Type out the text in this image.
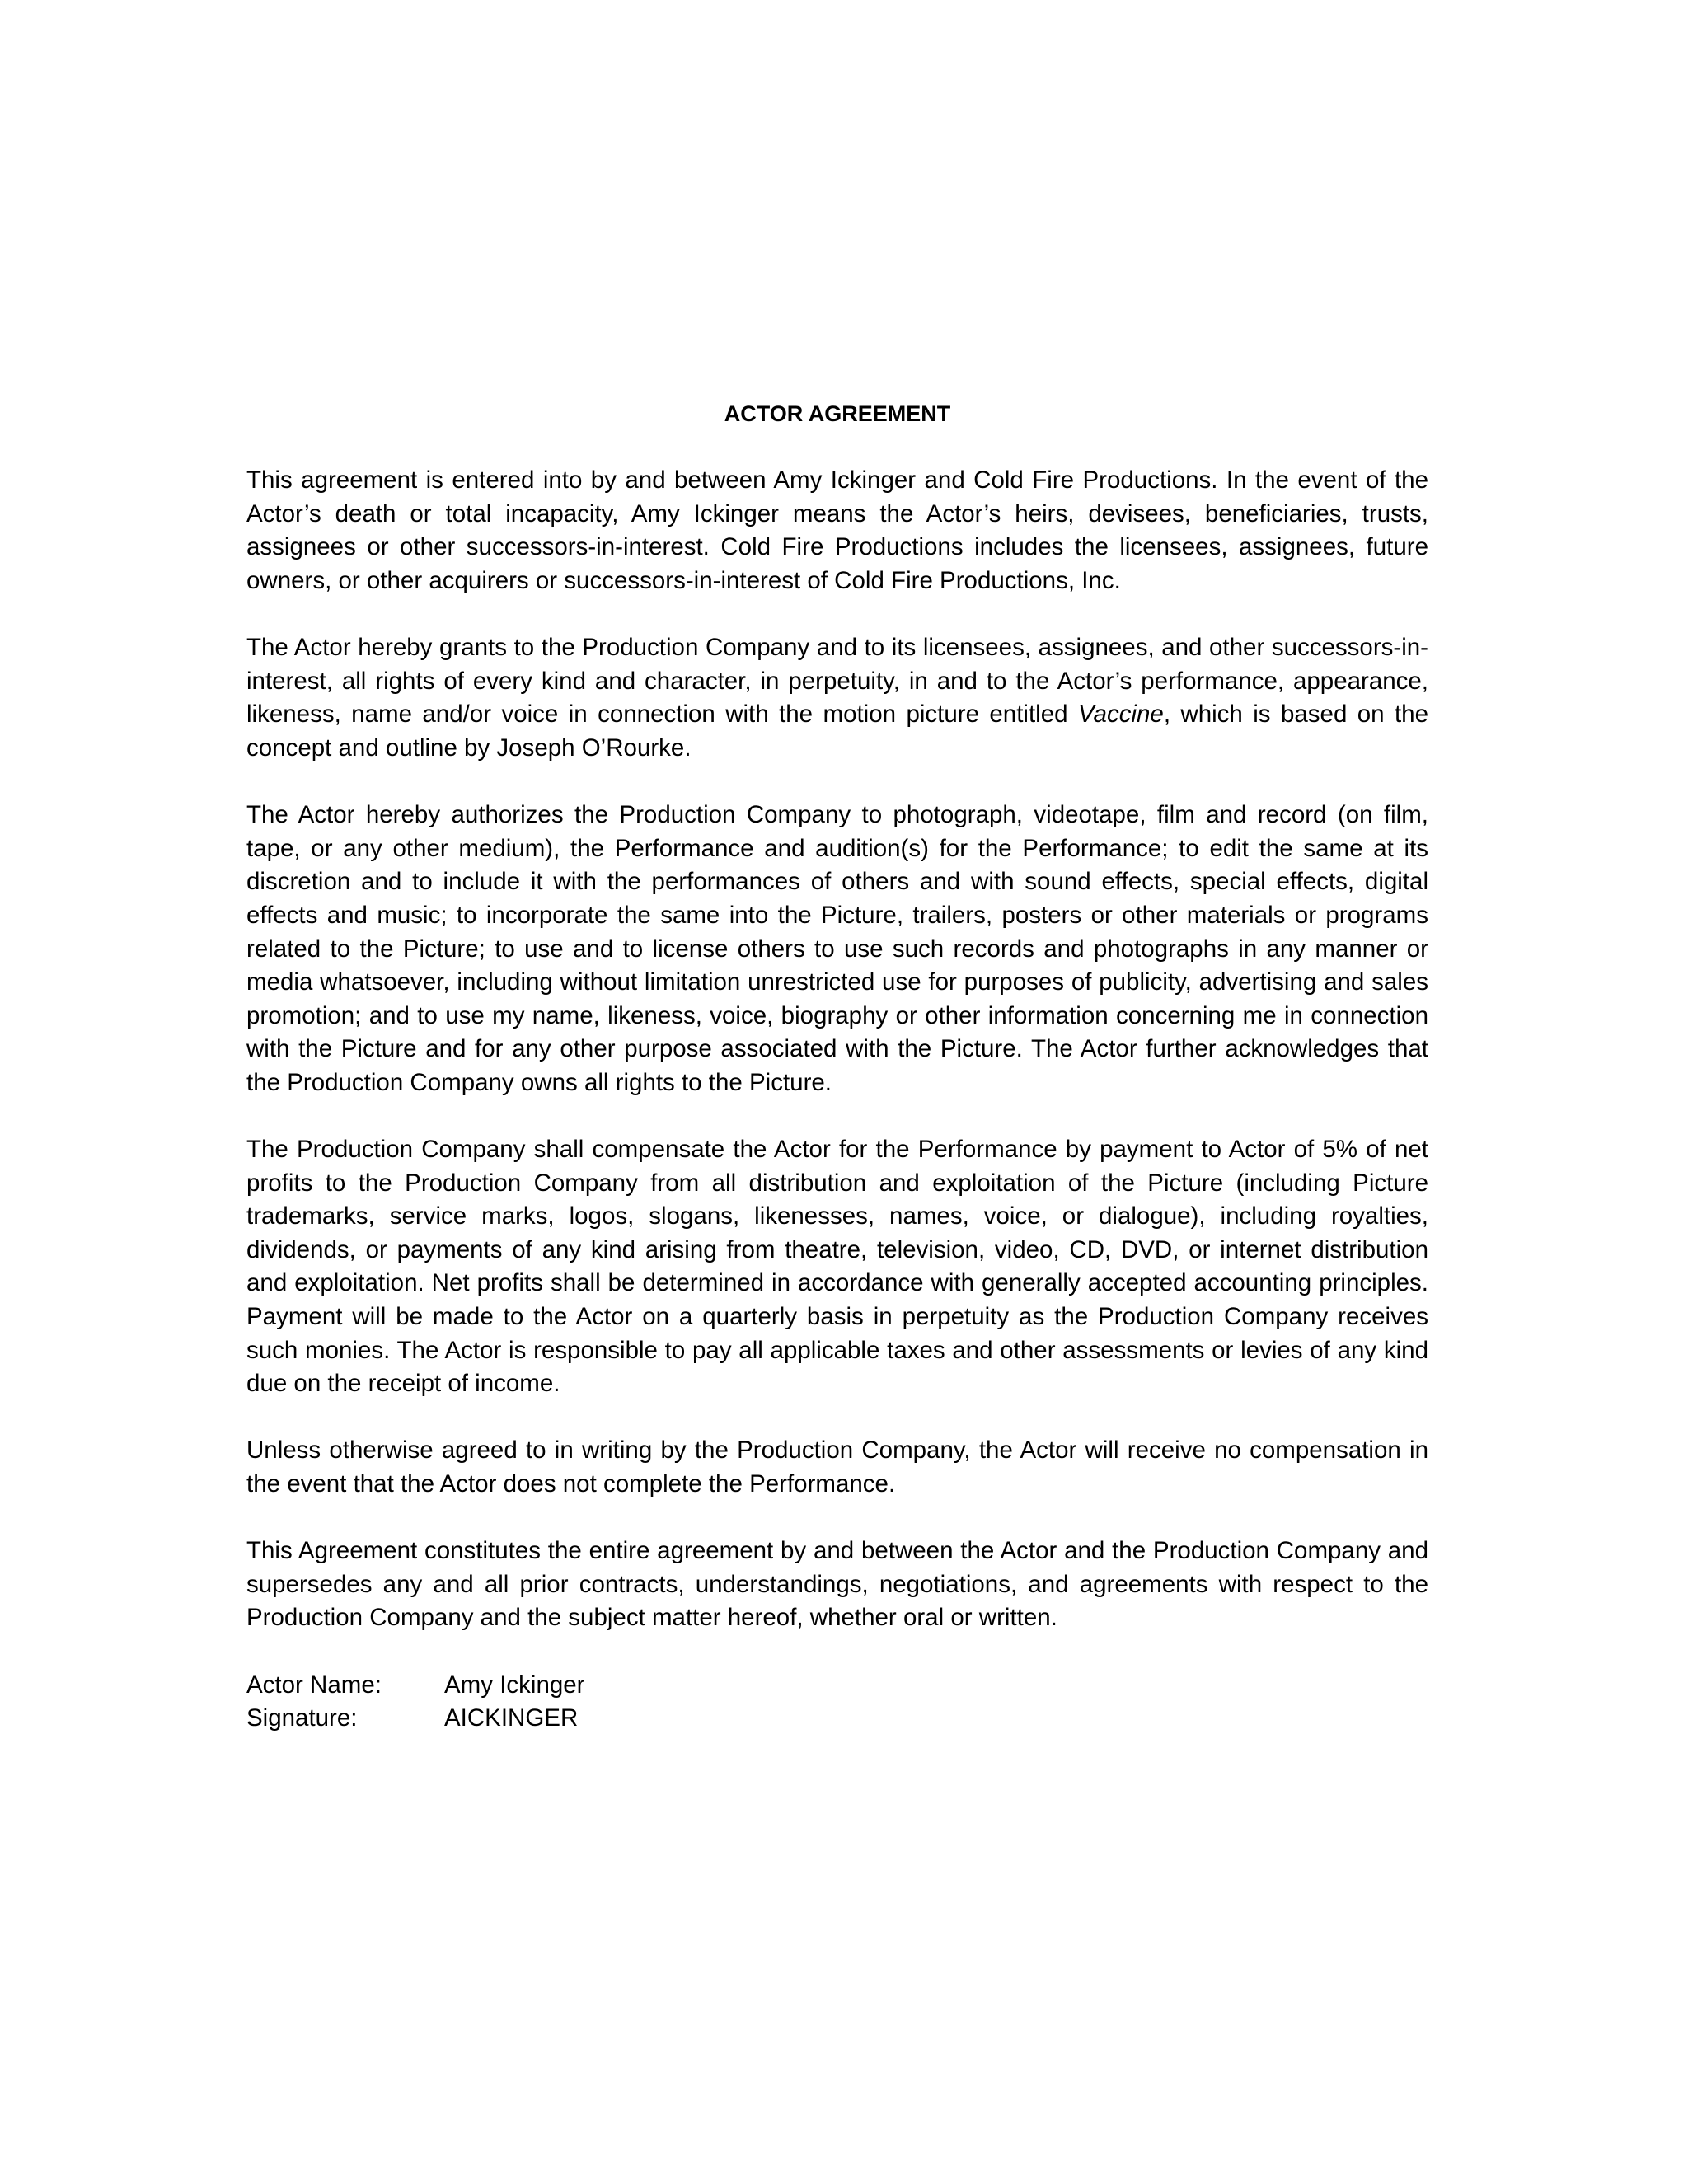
ACTOR AGREEMENT

This agreement is entered into by and between Amy Ickinger and Cold Fire Productions. In the event of the Actor’s death or total incapacity, Amy Ickinger means the Actor’s heirs, devisees, beneficiaries, trusts, assignees or other successors-in-interest. Cold Fire Productions includes the licensees, assignees, future owners, or other acquirers or successors-in-interest of Cold Fire Productions, Inc.

The Actor hereby grants to the Production Company and to its licensees, assignees, and other successors-in-interest, all rights of every kind and character, in perpetuity, in and to the Actor’s performance, appearance, likeness, name and/or voice in connection with the motion picture entitled Vaccine, which is based on the concept and outline by Joseph O’Rourke.

The Actor hereby authorizes the Production Company to photograph, videotape, film and record (on film, tape, or any other medium), the Performance and audition(s) for the Performance; to edit the same at its discretion and to include it with the performances of others and with sound effects, special effects, digital effects and music; to incorporate the same into the Picture, trailers, posters or other materials or programs related to the Picture; to use and to license others to use such records and photographs in any manner or media whatsoever, including without limitation unrestricted use for purposes of publicity, advertising and sales promotion; and to use my name, likeness, voice, biography or other information concerning me in connection with the Picture and for any other purpose associated with the Picture. The Actor further acknowledges that the Production Company owns all rights to the Picture.

The Production Company shall compensate the Actor for the Performance by payment to Actor of 5% of net profits to the Production Company from all distribution and exploitation of the Picture (including Picture trademarks, service marks, logos, slogans, likenesses, names, voice, or dialogue), including royalties, dividends, or payments of any kind arising from theatre, television, video, CD, DVD, or internet distribution and exploitation. Net profits shall be determined in accordance with generally accepted accounting principles. Payment will be made to the Actor on a quarterly basis in perpetuity as the Production Company receives such monies. The Actor is responsible to pay all applicable taxes and other assessments or levies of any kind due on the receipt of income.

Unless otherwise agreed to in writing by the Production Company, the Actor will receive no compensation in the event that the Actor does not complete the Performance.

This Agreement constitutes the entire agreement by and between the Actor and the Production Company and supersedes any and all prior contracts, understandings, negotiations, and agreements with respect to the Production Company and the subject matter hereof, whether oral or written.

Actor Name:	Amy Ickinger
Signature:	AICKINGER
